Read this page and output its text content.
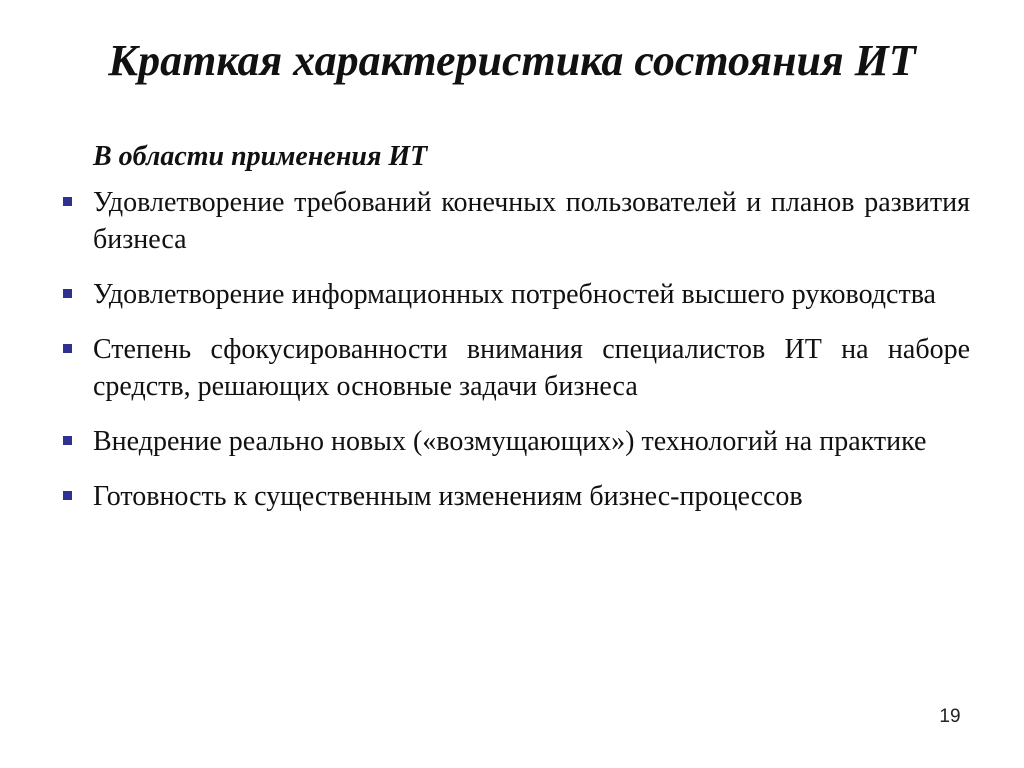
Краткая характеристика состояния ИТ
В области применения ИТ
Удовлетворение требований конечных пользователей и планов развития бизнеса
Удовлетворение информационных потребностей высшего руководства
Степень сфокусированности внимания специалистов ИТ на наборе средств, решающих основные задачи бизнеса
Внедрение реально новых («возмущающих») технологий на практике
Готовность к существенным изменениям бизнес-процессов
19
